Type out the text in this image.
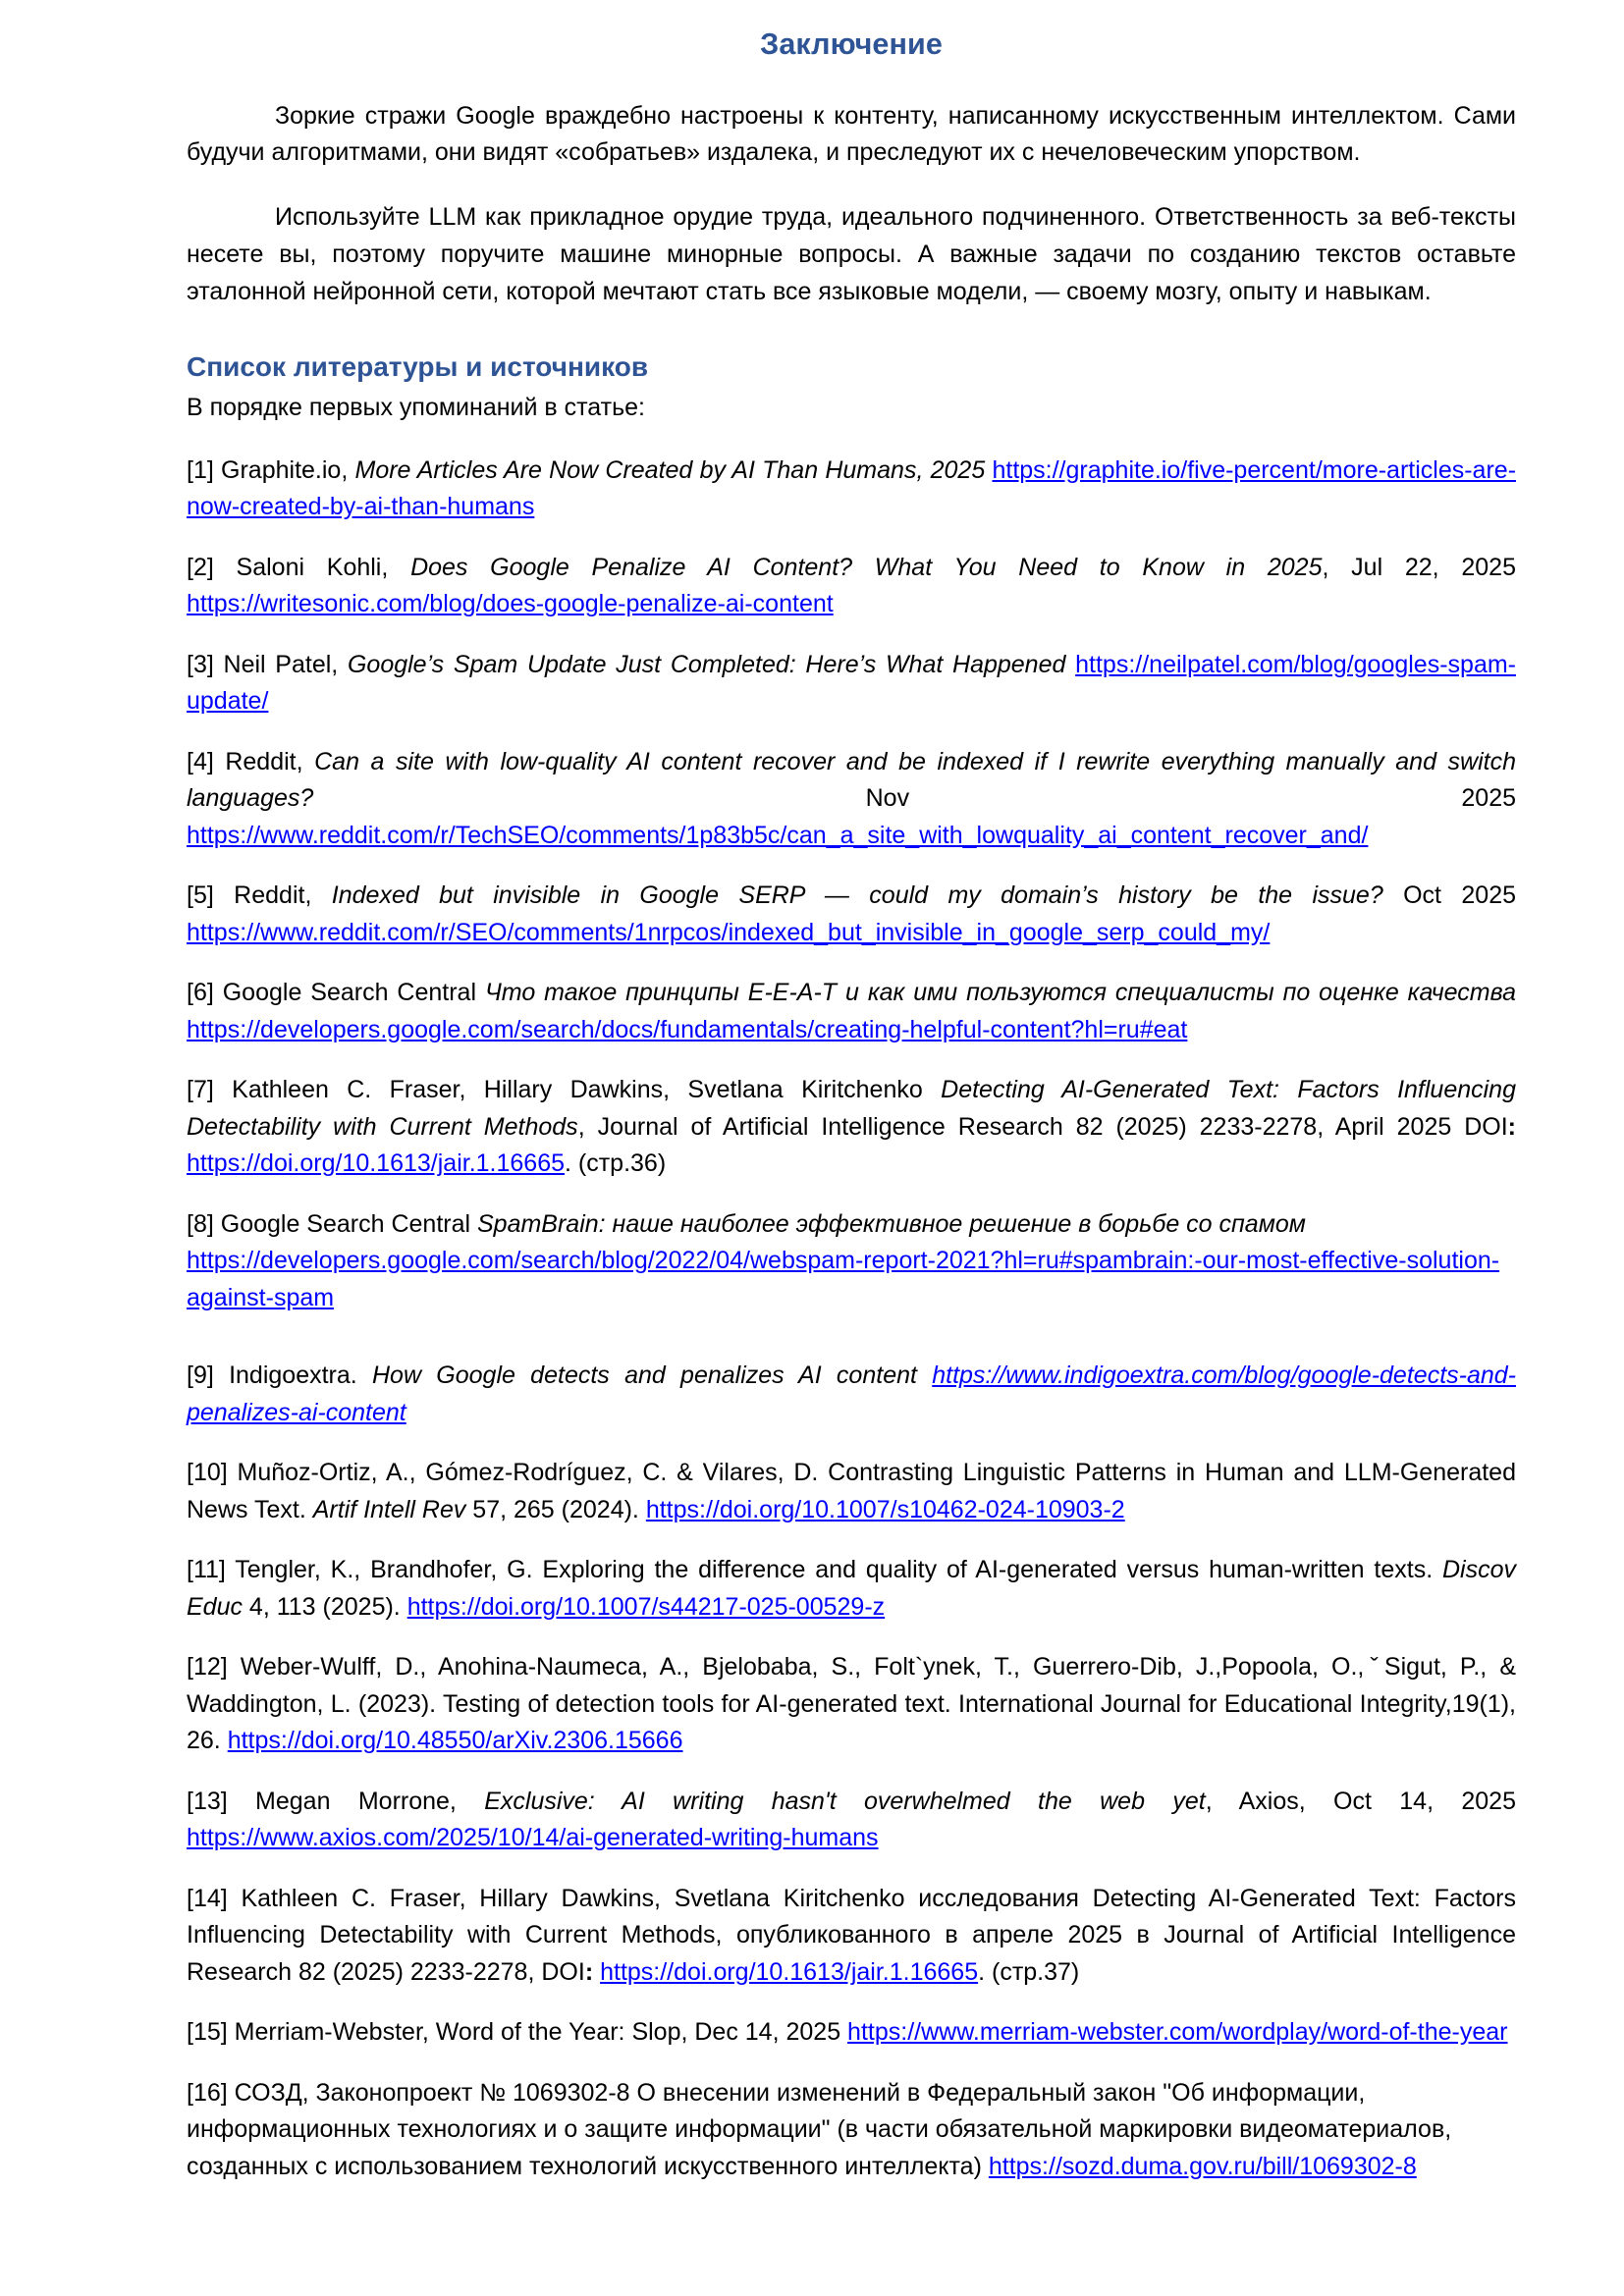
Заключение

Зоркие стражи Google враждебно настроены к контенту, написанному искусственным интеллектом. Сами будучи алгоритмами, они видят «собратьев» издалека, и преследуют их с нечеловеческим упорством.

Используйте LLM как прикладное орудие труда, идеального подчиненного. Ответственность за веб-тексты несете вы, поэтому поручите машине минорные вопросы. А важные задачи по созданию текстов оставьте эталонной нейронной сети, которой мечтают стать все языковые модели, — своему мозгу, опыту и навыкам.

Список литературы и источников

В порядке первых упоминаний в статье:

[1] Graphite.io, More Articles Are Now Created by AI Than Humans, 2025 https://graphite.io/five-percent/more-articles-are-now-created-by-ai-than-humans

[2] Saloni Kohli, Does Google Penalize AI Content? What You Need to Know in 2025, Jul 22, 2025 https://writesonic.com/blog/does-google-penalize-ai-content

[3] Neil Patel, Google’s Spam Update Just Completed: Here’s What Happened https://neilpatel.com/blog/googles-spam-update/

[4] Reddit, Can a site with low-quality AI content recover and be indexed if I rewrite everything manually and switch languages? Nov 2025 https://www.reddit.com/r/TechSEO/comments/1p83b5c/can_a_site_with_lowquality_ai_content_recover_and/

[5] Reddit, Indexed but invisible in Google SERP — could my domain’s history be the issue? Oct 2025 https://www.reddit.com/r/SEO/comments/1nrpcos/indexed_but_invisible_in_google_serp_could_my/

[6] Google Search Central Что такое принципы E-E-A-T и как ими пользуются специалисты по оценке качества https://developers.google.com/search/docs/fundamentals/creating-helpful-content?hl=ru#eat

[7] Kathleen C. Fraser, Hillary Dawkins, Svetlana Kiritchenko Detecting AI-Generated Text: Factors Influencing Detectability with Current Methods, Journal of Artificial Intelligence Research 82 (2025) 2233-2278, April 2025 DOI: https://doi.org/10.1613/jair.1.16665. (стр.36)

[8] Google Search Central SpamBrain: наше наиболее эффективное решение в борьбе со спамом https://developers.google.com/search/blog/2022/04/webspam-report-2021?hl=ru#spambrain:-our-most-effective-solution-against-spam

[9] Indigoextra. How Google detects and penalizes AI content https://www.indigoextra.com/blog/google-detects-and-penalizes-ai-content

[10] Muñoz-Ortiz, A., Gómez-Rodríguez, C. & Vilares, D. Contrasting Linguistic Patterns in Human and LLM-Generated News Text. Artif Intell Rev 57, 265 (2024). https://doi.org/10.1007/s10462-024-10903-2

[11] Tengler, K., Brandhofer, G. Exploring the difference and quality of AI-generated versus human-written texts. Discov Educ 4, 113 (2025). https://doi.org/10.1007/s44217-025-00529-z

[12] Weber-Wulff, D., Anohina-Naumeca, A., Bjelobaba, S., Folt`ynek, T., Guerrero-Dib, J.,Popoola, O.,ˇSigut, P., & Waddington, L. (2023). Testing of detection tools for AI-generated text. International Journal for Educational Integrity,19(1), 26. https://doi.org/10.48550/arXiv.2306.15666

[13] Megan Morrone, Exclusive: AI writing hasn't overwhelmed the web yet, Axios, Oct 14, 2025 https://www.axios.com/2025/10/14/ai-generated-writing-humans

[14] Kathleen C. Fraser, Hillary Dawkins, Svetlana Kiritchenko исследования Detecting AI-Generated Text: Factors Influencing Detectability with Current Methods, опубликованного в апреле 2025 в Journal of Artificial Intelligence Research 82 (2025) 2233-2278, DOI: https://doi.org/10.1613/jair.1.16665. (стр.37)

[15] Merriam-Webster, Word of the Year: Slop, Dec 14, 2025 https://www.merriam-webster.com/wordplay/word-of-the-year

[16] СОЗД, Законопроект № 1069302-8 О внесении изменений в Федеральный закон "Об информации, информационных технологиях и о защите информации" (в части обязательной маркировки видеоматериалов, созданных с использованием технологий искусственного интеллекта) https://sozd.duma.gov.ru/bill/1069302-8
